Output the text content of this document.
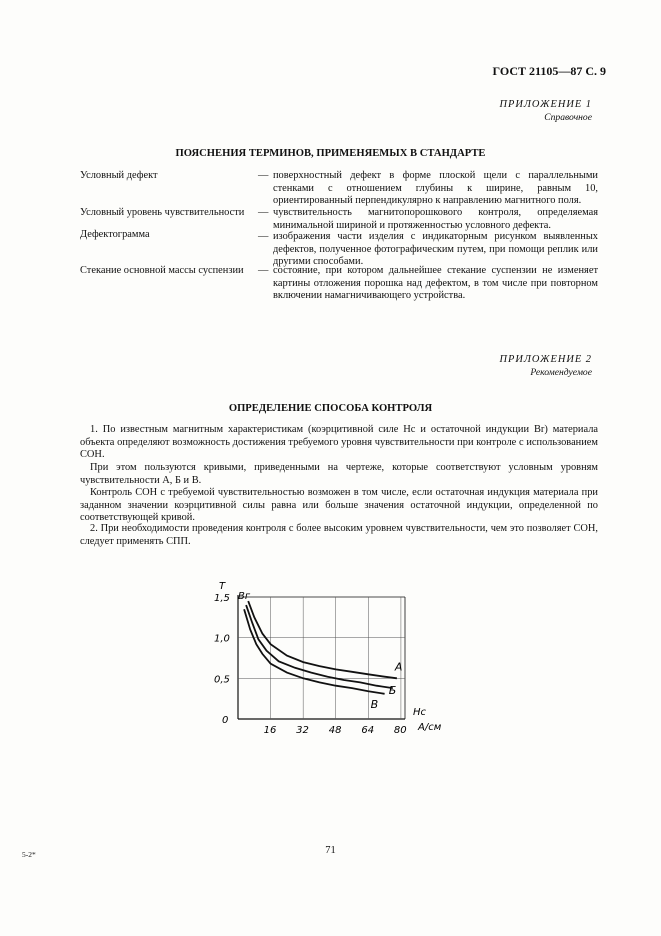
ГОСТ 21105—87 С. 9
ПРИЛОЖЕНИЕ 1
Справочное
ПОЯСНЕНИЯ ТЕРМИНОВ, ПРИМЕНЯЕМЫХ В СТАНДАРТЕ
Условный дефект	— поверхностный дефект в форме плоской щели с параллельными стенками с отношением глубины к ширине, равным 10, ориентированный перпендикулярно к направлению магнитного поля.
Условный уровень чувствительности	— чувствительность магнитопорошкового контроля, определяемая минимальной шириной и протяженностью условного дефекта.
Дефектограмма	— изображения части изделия с индикаторным рисунком выявленных дефектов, полученное фотографическим путем, при помощи реплик или другими способами.
Стекание основной массы суспензии	— состояние, при котором дальнейшее стекание суспензии не изменяет картины отложения порошка над дефектом, в том числе при повторном включении намагничивающего устройства.
ПРИЛОЖЕНИЕ 2
Рекомендуемое
ОПРЕДЕЛЕНИЕ СПОСОБА КОНТРОЛЯ
1. По известным магнитным характеристикам (коэрцитивной силе Hc и остаточной индукции Br) материала объекта определяют возможность достижения требуемого уровня чувствительности при контроле с использованием СОН.
При этом пользуются кривыми, приведенными на чертеже, которые соответствуют условным уровням чувствительности А, Б и В.
Контроль СОН с требуемой чувствительностью возможен в том числе, если остаточная индукция материала при заданном значении коэрцитивной силы равна или больше значения остаточной индукции, определенной по соответствующей кривой.
2. При необходимости проведения контроля с более высоким уровнем чувствительности, чем это позволяет СОН, следует применять СПП.
Т
Bг
Hc
А/см
0
1,5
1,0
0,5
16 32 48 64 80
А
Б
В
5-2*	71
